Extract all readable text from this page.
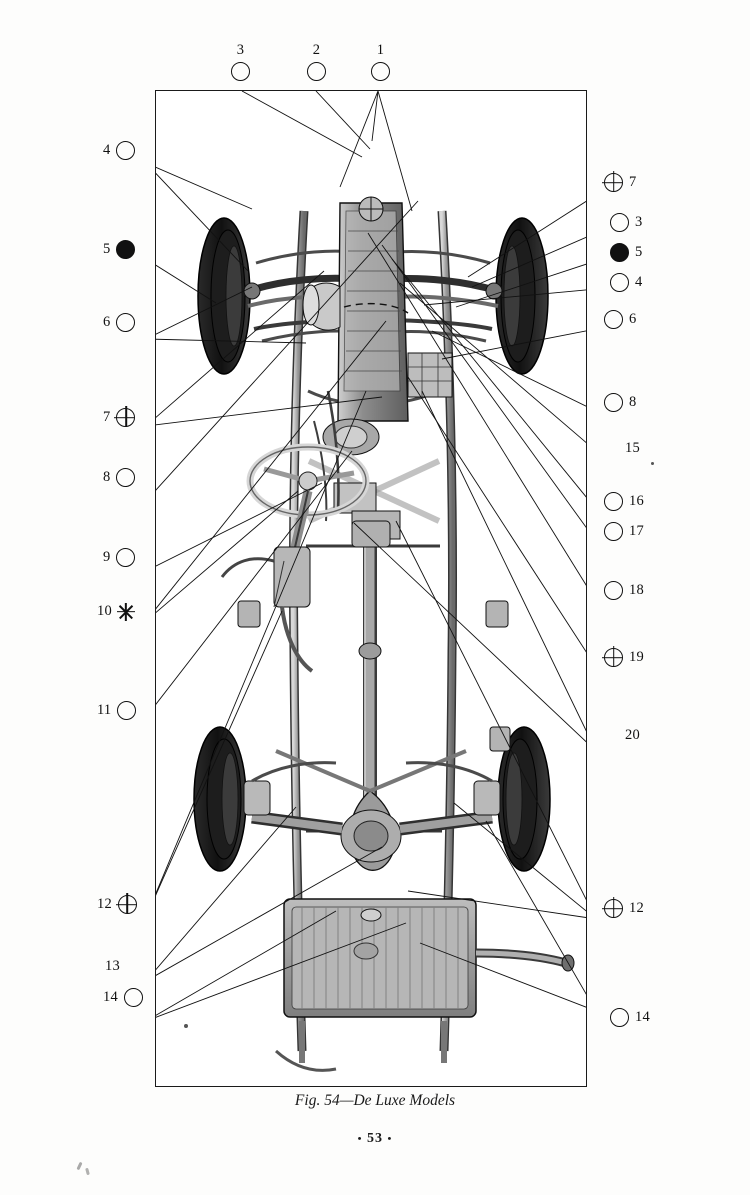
3	2	1
4
5
6
7
8
9
10
11
12
13
14
7
3
5
4
6
8
15
16
17
18
19
20
12
14
Fig. 54—De Luxe Models
• 53 •
